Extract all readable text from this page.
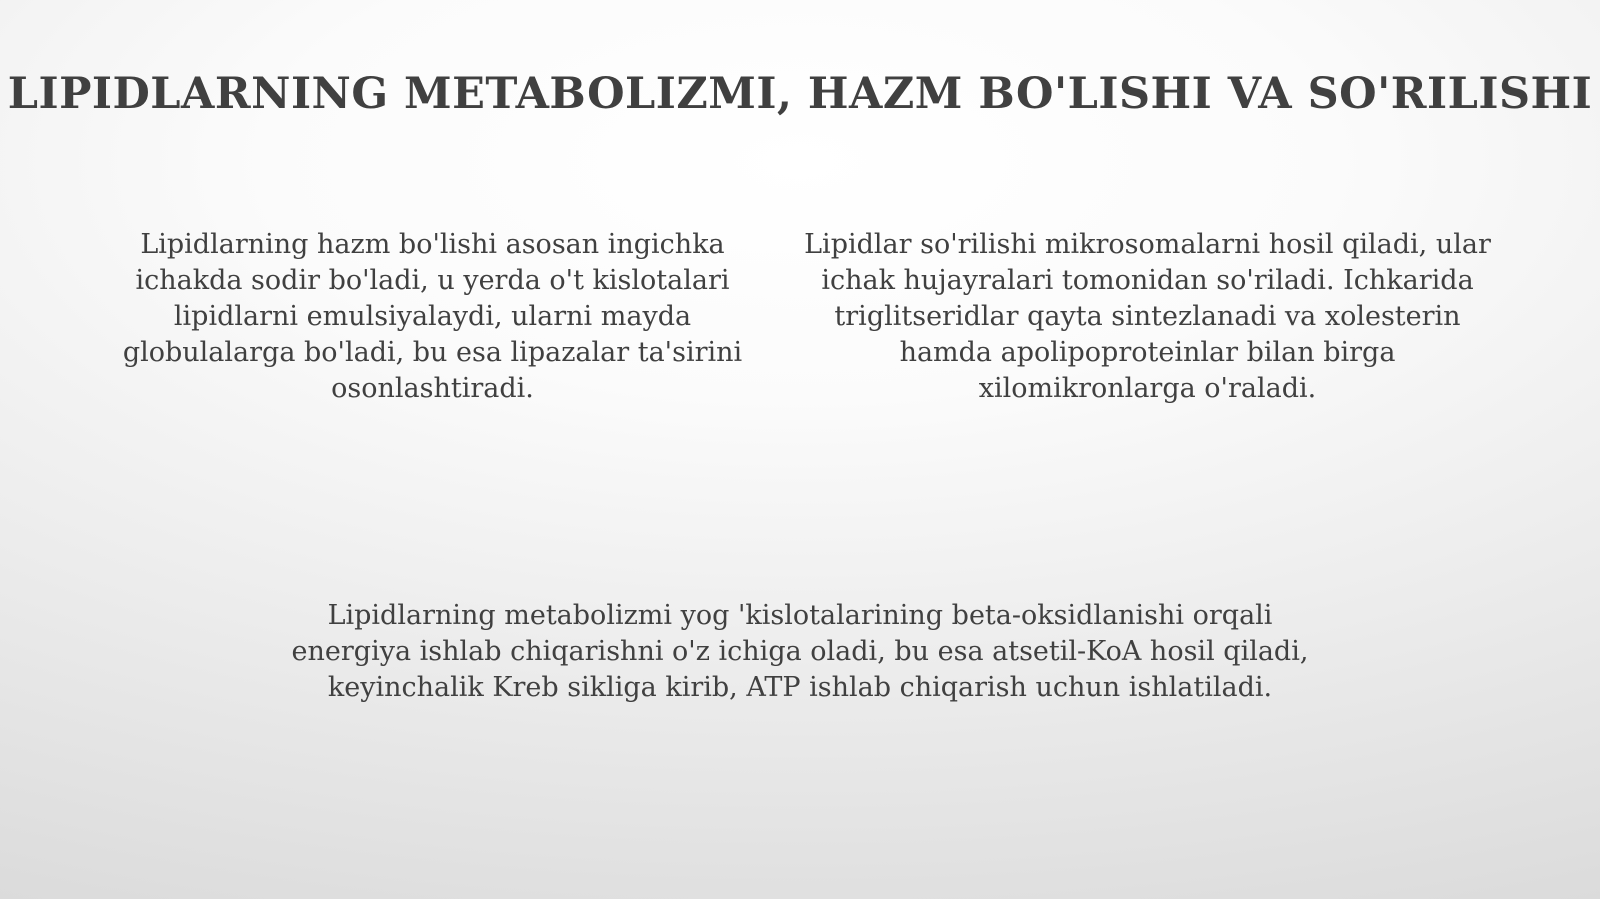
LIPIDLARNING METABOLIZMI, HAZM BO'LISHI VA SO'RILISHI
Lipidlarning hazm bo'lishi asosan ingichka ichakda sodir bo'ladi, u yerda o't kislotalari lipidlarni emulsiyalaydi, ularni mayda globulalarga bo'ladi, bu esa lipazalar ta'sirini osonlashtiradi.
Lipidlar so'rilishi mikrosomalarni hosil qiladi, ular ichak hujayralari tomonidan so'riladi. Ichkarida triglitseridlar qayta sintezlanadi va xolesterin hamda apolipoproteinlar bilan birga xilomikronlarga o'raladi.
Lipidlarning metabolizmi yog 'kislotalarining beta-oksidlanishi orqali energiya ishlab chiqarishni o'z ichiga oladi, bu esa atsetil-KoA hosil qiladi, keyinchalik Kreb sikliga kirib, ATP ishlab chiqarish uchun ishlatiladi.
